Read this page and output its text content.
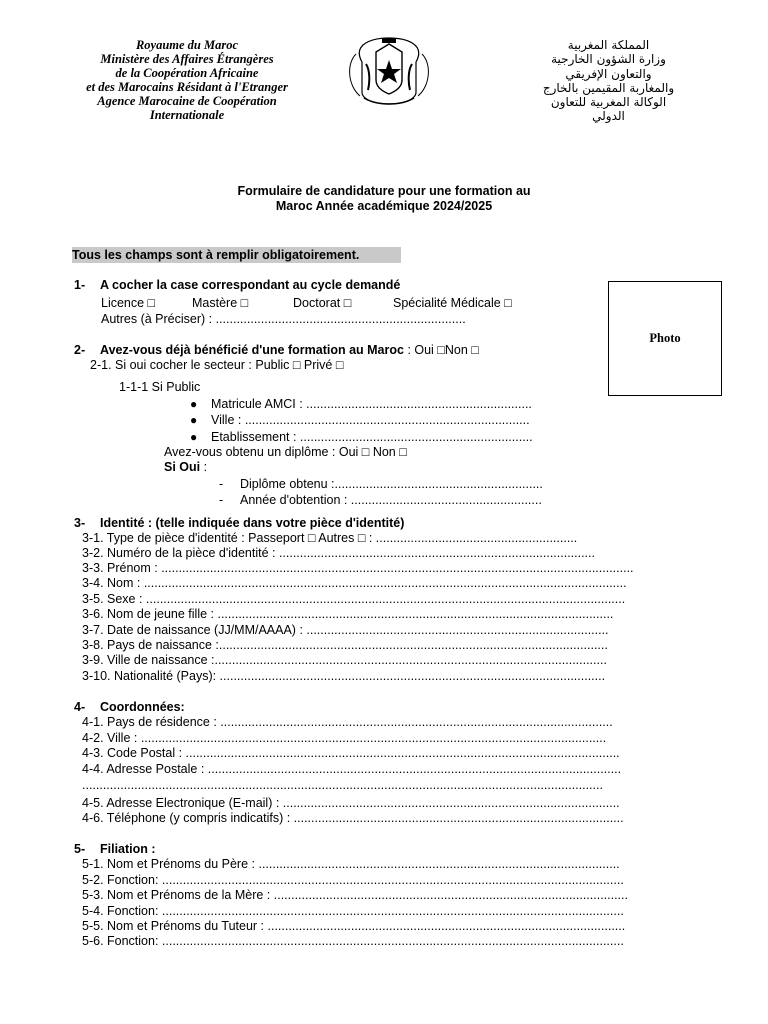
Royaume du Maroc
Ministère des Affaires Étrangères
de la Coopération Africaine
et des Marocains Résidant à l'Etranger
Agence Marocaine de Coopération
Internationale
المملكة المغربية
وزارة الشؤون الخارجية
والتعاون الإفريقي
والمغاربة المقيمين بالخارج
الوكالة المغربية للتعاون
الدولي
Formulaire de candidature pour une formation au
Maroc Année académique 2024/2025
Tous les champs sont à remplir obligatoirement.
Photo
1- A cocher la case correspondant au cycle demandé
Licence □	Mastère □	Doctorat □	Spécialité Médicale □
Autres (à Préciser) : ........................................................................
2- Avez-vous déjà bénéficié d'une formation au Maroc : Oui □Non □
2-1. Si oui cocher le secteur : Public □ Privé □
1-1-1 Si Public
● Matricule AMCI : .................................................................
● Ville : ..................................................................................
● Etablissement : ...................................................................
Avez-vous obtenu un diplôme : Oui □ Non □
Si Oui :
- Diplôme obtenu :............................................................
- Année d'obtention : .......................................................
3- Identité : (telle indiquée dans votre pièce d'identité)
3-1. Type de pièce d'identité : Passeport □ Autres □ : ..........................................................
3-2. Numéro de la pièce d'identité : ...........................................................................................
3-3. Prénom : ........................................................................................................................................
3-4. Nom : ...........................................................................................................................................
3-5. Sexe : ..........................................................................................................................................
3-6. Nom de jeune fille : ..................................................................................................................
3-7. Date de naissance (JJ/MM/AAAA) : .......................................................................................
3-8. Pays de naissance :................................................................................................................
3-9. Ville de naissance :.................................................................................................................
3-10. Nationalité (Pays): ...............................................................................................................
4- Coordonnées:
4-1. Pays de résidence : .................................................................................................................
4-2. Ville : ......................................................................................................................................
4-3. Code Postal : .............................................................................................................................
4-4. Adresse Postale : .......................................................................................................................
......................................................................................................................................................
4-5. Adresse Electronique (E-mail) : .................................................................................................
4-6. Téléphone (y compris indicatifs) : ...............................................................................................
5- Filiation :
5-1. Nom et Prénoms du Père : ........................................................................................................
5-2. Fonction: .....................................................................................................................................
5-3. Nom et Prénoms de la Mère : ......................................................................................................
5-4. Fonction: .....................................................................................................................................
5-5. Nom et Prénoms du Tuteur : .......................................................................................................
5-6. Fonction: .....................................................................................................................................
